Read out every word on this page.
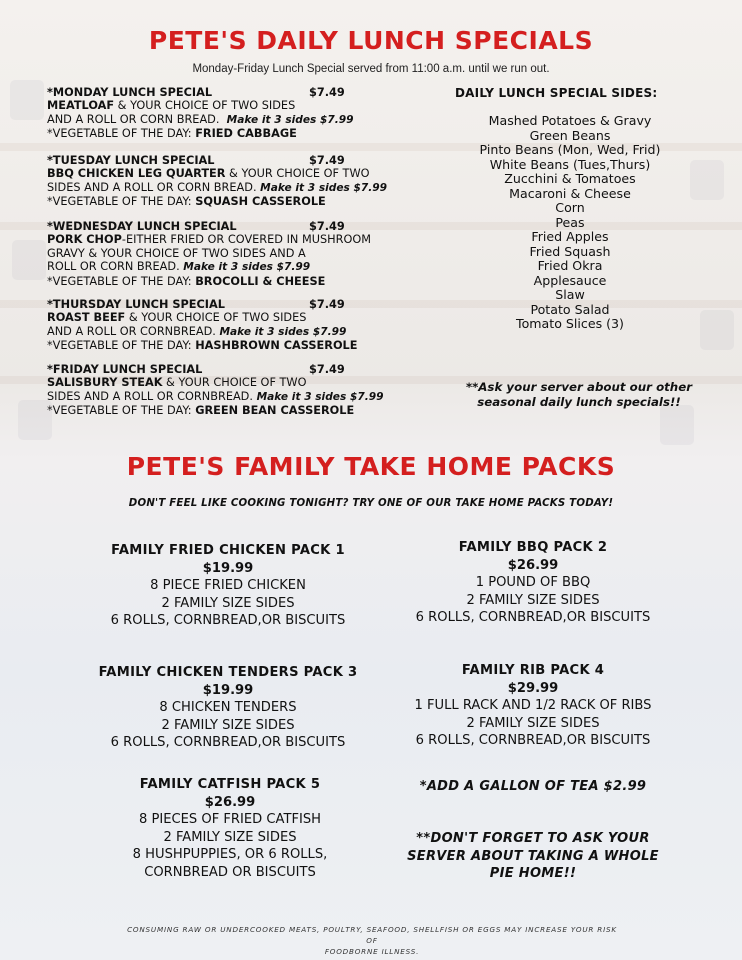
PETE'S DAILY LUNCH SPECIALS
Monday-Friday Lunch Special served from 11:00 a.m. until we run out.
*MONDAY LUNCH SPECIAL	$7.49
MEATLOAF & YOUR CHOICE OF TWO SIDES
AND A ROLL OR CORN BREAD. Make it 3 sides $7.99
*VEGETABLE OF THE DAY: FRIED CABBAGE
*TUESDAY LUNCH SPECIAL	$7.49
BBQ CHICKEN LEG QUARTER & YOUR CHOICE OF TWO
SIDES AND A ROLL OR CORN BREAD. Make it 3 sides $7.99
*VEGETABLE OF THE DAY: SQUASH CASSEROLE
*WEDNESDAY LUNCH SPECIAL	$7.49
PORK CHOP-EITHER FRIED OR COVERED IN MUSHROOM
GRAVY & YOUR CHOICE OF TWO SIDES AND A
ROLL OR CORN BREAD. Make it 3 sides $7.99
*VEGETABLE OF THE DAY: BROCOLLI & CHEESE
*THURSDAY LUNCH SPECIAL	$7.49
ROAST BEEF & YOUR CHOICE OF TWO SIDES
AND A ROLL OR CORNBREAD. Make it 3 sides $7.99
*VEGETABLE OF THE DAY: HASHBROWN CASSEROLE
*FRIDAY LUNCH SPECIAL	$7.49
SALISBURY STEAK & YOUR CHOICE OF TWO
SIDES AND A ROLL OR CORNBREAD. Make it 3 sides $7.99
*VEGETABLE OF THE DAY: GREEN BEAN CASSEROLE
DAILY LUNCH SPECIAL SIDES:
Mashed Potatoes & Gravy
Green Beans
Pinto Beans (Mon, Wed, Frid)
White Beans (Tues,Thurs)
Zucchini & Tomatoes
Macaroni & Cheese
Corn
Peas
Fried Apples
Fried Squash
Fried Okra
Applesauce
Slaw
Potato Salad
Tomato Slices (3)
**Ask your server about our other
seasonal daily lunch specials!!
PETE'S FAMILY TAKE HOME PACKS
DON'T FEEL LIKE COOKING TONIGHT? TRY ONE OF OUR TAKE HOME PACKS TODAY!
FAMILY FRIED CHICKEN PACK 1
$19.99
8 PIECE FRIED CHICKEN
2 FAMILY SIZE SIDES
6 ROLLS, CORNBREAD,OR BISCUITS
FAMILY BBQ PACK 2
$26.99
1 POUND OF BBQ
2 FAMILY SIZE SIDES
6 ROLLS, CORNBREAD,OR BISCUITS
FAMILY CHICKEN TENDERS PACK 3
$19.99
8 CHICKEN TENDERS
2 FAMILY SIZE SIDES
6 ROLLS, CORNBREAD,OR BISCUITS
FAMILY RIB PACK 4
$29.99
1 FULL RACK AND 1/2 RACK OF RIBS
2 FAMILY SIZE SIDES
6 ROLLS, CORNBREAD,OR BISCUITS
FAMILY CATFISH PACK 5
$26.99
8 PIECES OF FRIED CATFISH
2 FAMILY SIZE SIDES
8 HUSHPUPPIES, OR 6 ROLLS,
CORNBREAD OR BISCUITS
*ADD A GALLON OF TEA $2.99
**DON'T FORGET TO ASK YOUR
SERVER ABOUT TAKING A WHOLE
PIE HOME!!
CONSUMING RAW OR UNDERCOOKED MEATS, POULTRY, SEAFOOD, SHELLFISH OR EGGS MAY INCREASE YOUR RISK OF
FOODBORNE ILLNESS.
